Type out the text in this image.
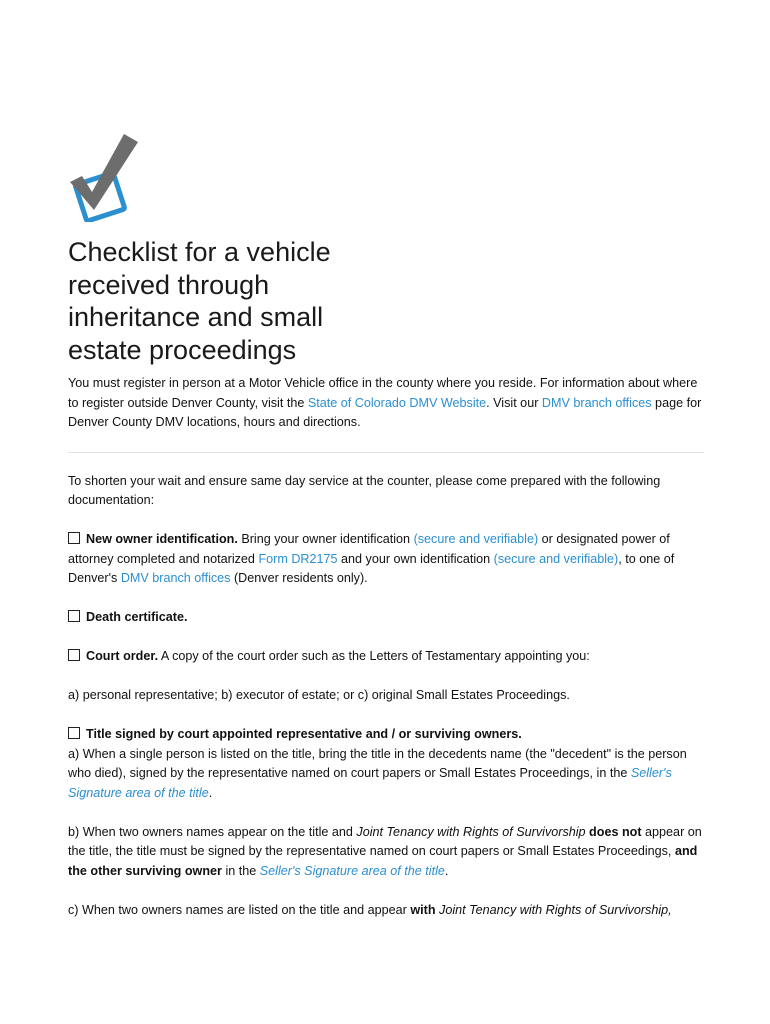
Checklist for a vehicle received through inheritance and small estate proceedings

You must register in person at a Motor Vehicle office in the county where you reside. For information about where to register outside Denver County, visit the State of Colorado DMV Website. Visit our DMV branch offices page for Denver County DMV locations, hours and directions.

To shorten your wait and ensure same day service at the counter, please come prepared with the following documentation:

New owner identification. Bring your owner identification (secure and verifiable) or designated power of attorney completed and notarized Form DR2175 and your own identification (secure and verifiable), to one of Denver's DMV branch offices (Denver residents only).

Death certificate.

Court order. A copy of the court order such as the Letters of Testamentary appointing you:

a) personal representative; b) executor of estate; or c) original Small Estates Proceedings.

Title signed by court appointed representative and / or surviving owners.

a) When a single person is listed on the title, bring the title in the decedents name (the "decedent" is the person who died), signed by the representative named on court papers or Small Estates Proceedings, in the Seller's Signature area of the title.

b) When two owners names appear on the title and Joint Tenancy with Rights of Survivorship does not appear on the title, the title must be signed by the representative named on court papers or Small Estates Proceedings, and the other surviving owner in the Seller's Signature area of the title.

c) When two owners names are listed on the title and appear with Joint Tenancy with Rights of Survivorship,
